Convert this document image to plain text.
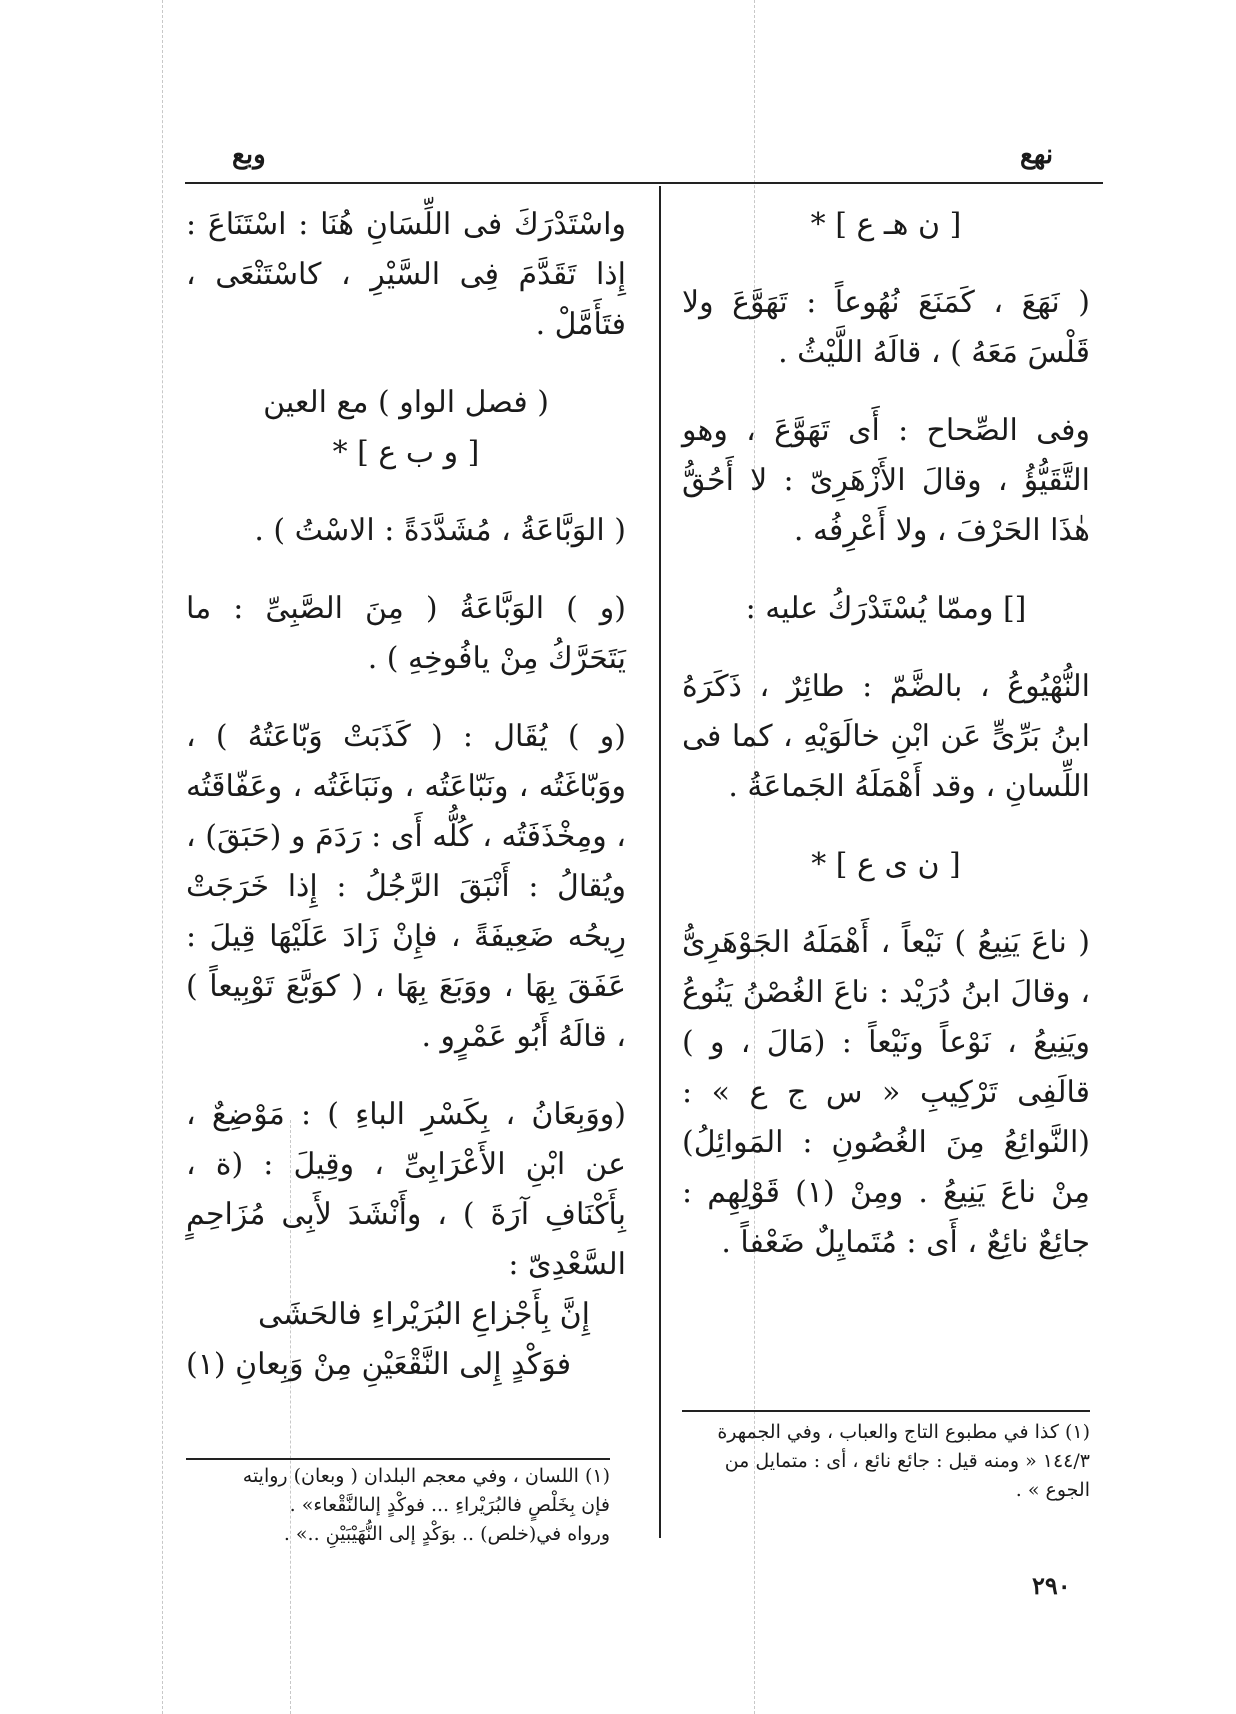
نهع
وبع

[ ن هـ ع ] *

( نَهَعَ ، كَمَنَعَ نُهُوعاً : تَهَوَّعَ ولا قَلْسَ مَعَهُ ) ، قالَهُ اللَّيْثُ .

وفى الصِّحاح : أَى تَهَوَّعَ ، وهو التَّقَيُّؤُ ، وقالَ الأَزْهَرِىّ : لا أَحُقُّ هٰذَا الحَرْفَ ، ولا أَعْرِفُه .

[] وممّا يُسْتَدْرَكُ عليه :

النُّهْيُوعُ ، بالضَّمّ : طائِرٌ ، ذَكَرَهُ ابنُ بَرِّىٍّ عَن ابْنِ خالَوَيْهِ ، كما فى اللِّسانِ ، وقد أَهْمَلَهُ الجَماعَةُ .

[ ن ى ع ] *

( ناعَ يَنِيعُ ) نَيْعاً ، أَهْمَلَهُ الجَوْهَرِىُّ ، وقالَ ابنُ دُرَيْد : ناعَ الغُصْنُ يَنُوعُ ويَنِيعُ ، نَوْعاً ونَيْعاً : (مَالَ ، و ) قالَفِى تَرْكِيبِ « س ج ع » : (النَّوائِعُ مِنَ الغُصُونِ : المَوائِلُ) مِنْ ناعَ يَنِيعُ . ومِنْ (١) قَوْلِهِم : جائِعٌ نائِعٌ ، أَى : مُتَمايِلٌ ضَعْفاً .

(١) كذا في مطبوع التاج والعباب ، وفي الجمهرة ١٤٤/٣ « ومنه قيل : جائع نائع ، أى : متمايل من الجوع » .

واسْتَدْرَكَ فى اللِّسَانِ هُنَا : اسْتَنَاعَ : إِذا تَقَدَّمَ فِى السَّيْرِ ، كاسْتَنْعَى ، فتَأَمَّلْ .

( فصل الواو ) مع العين

[ و ب ع ] *

( الوَبَّاعَةُ ، مُشَدَّدَةً : الاسْتُ ) .

(و ) الوَبَّاعَةُ ( مِنَ الصَّبِىِّ : ما يَتَحَرَّكُ مِنْ يافُوخِهِ ) .

(و ) يُقَال : ( كَذَبَتْ وَبّاعَتُهُ ) ، ووَبّاغَتُه ، ونَبّاعَتُه ، ونَبَاغَتُه ، وعَفّاقَتُه ، ومِخْذَفَتُه ، كُلُّه أَى : رَدَمَ و (حَبَقَ) ، ويُقالُ : أَنْبَقَ الرَّجُلُ : إِذا خَرَجَتْ رِيحُه ضَعِيفَةً ، فإِنْ زَادَ عَلَيْهَا قِيلَ : عَفَقَ بِهَا ، ووَبَعَ بِهَا ، ( كوَبَّعَ تَوْبِيعاً ) ، قالَهُ أَبُو عَمْرٍو .

(ووَبِعَانُ ، بِكَسْرِ الباءِ ) : مَوْضِعٌ ، عن ابْنِ الأَعْرَابِىِّ ، وقِيلَ : (ة ، بِأَكْنَافِ آرَةَ ) ، وأَنْشَدَ لأَبِى مُزَاحِمٍ السَّعْدِىّ :

إِنَّ بِأَجْزاعِ البُرَيْراءِ فالحَشَى

فوَكْدٍ إِلى النَّقْعَيْنِ مِنْ وَبِعانِ (١)

(١) اللسان ، وفي معجم البلدان ( وبعان) روايته
فإن بِخَلْصٍ فالبُرَيْراءِ ... فوكْدٍ إلىالنَّقْعاء» .
ورواه في(خلص) .. بوَكْدٍ إلى النُّهَيْبَيْنِ ..» .
٢٩٠
